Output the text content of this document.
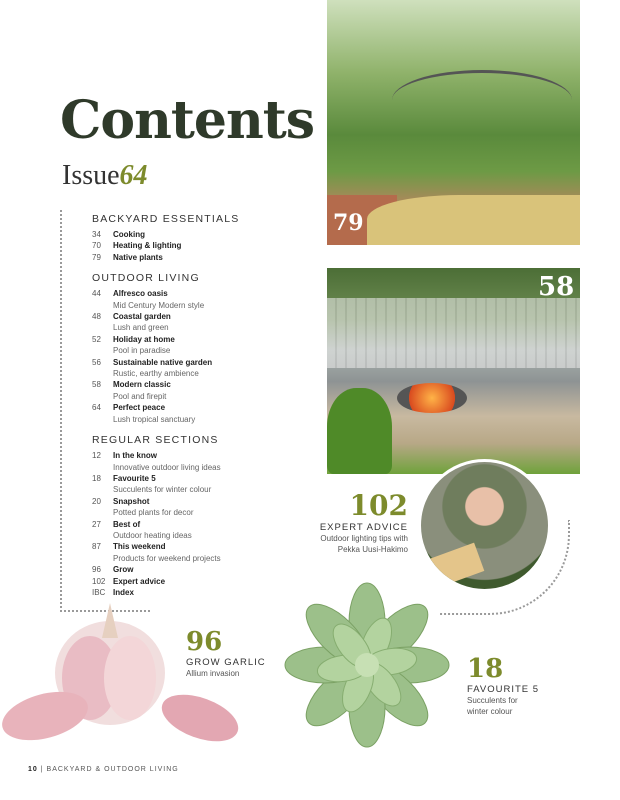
Contents
Issue64
BACKYARD ESSENTIALS
34	Cooking
70	Heating & lighting
79	Native plants
OUTDOOR LIVING
44	Alfresco oasis
Mid Century Modern style
48	Coastal garden
Lush and green
52	Holiday at home
Pool in paradise
56	Sustainable native garden
Rustic, earthy ambience
58	Modern classic
Pool and firepit
64	Perfect peace
Lush tropical sanctuary
REGULAR SECTIONS
12	In the know
Innovative outdoor living ideas
18	Favourite 5
Succulents for winter colour
20	Snapshot
Potted plants for decor
27	Best of
Outdoor heating ideas
87	This weekend
Products for weekend projects
96	Grow
102 Expert advice
IBC Index
79
58
102
EXPERT ADVICE
Outdoor lighting tips with
Pekka Uusi-Hakimo
96
GROW GARLIC
Allium invasion	18
FAVOURITE 5
Succulents for
winter colour
10 | BACKYARD & OUTDOOR LIVING
